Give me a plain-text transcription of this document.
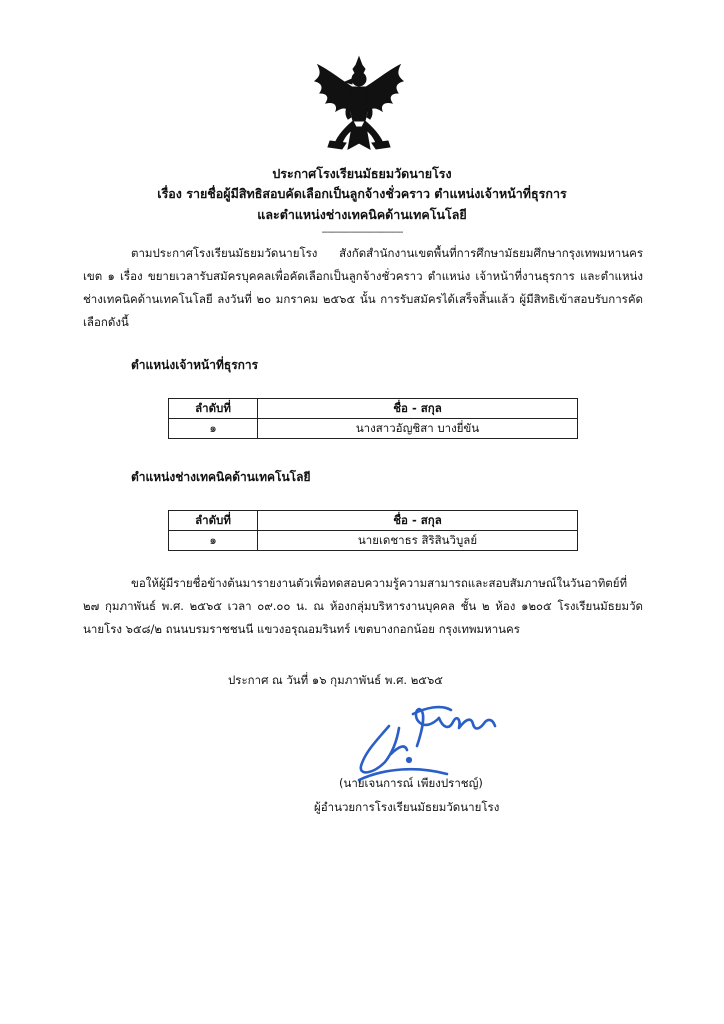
ประกาศโรงเรียนมัธยมวัดนายโรง
เรื่อง รายชื่อผู้มีสิทธิสอบคัดเลือกเป็นลูกจ้างชั่วคราว ตำแหน่งเจ้าหน้าที่ธุรการ
และตำแหน่งช่างเทคนิคด้านเทคโนโลยี
-------------------------------
ตามประกาศโรงเรียนมัธยมวัดนายโรง สังกัดสำนักงานเขตพื้นที่การศึกษามัธยมศึกษากรุงเทพมหานคร เขต ๑ เรื่อง ขยายเวลารับสมัครบุคคลเพื่อคัดเลือกเป็นลูกจ้างชั่วคราว ตำแหน่ง เจ้าหน้าที่งานธุรการ และตำแหน่ง ช่างเทคนิคด้านเทคโนโลยี ลงวันที่ ๒๐ มกราคม ๒๕๖๕ นั้น การรับสมัครได้เสร็จสิ้นแล้ว ผู้มีสิทธิเข้าสอบรับการคัดเลือกดังนี้
ตำแหน่งเจ้าหน้าที่ธุรการ
ลำดับที่	ชื่อ - สกุล
๑	นางสาวอัญชิสา บางยี่ขัน
ตำแหน่งช่างเทคนิคด้านเทคโนโลยี
ลำดับที่	ชื่อ - สกุล
๑	นายเดชาธร สิริสินวิบูลย์
ขอให้ผู้มีรายชื่อข้างต้นมารายงานตัวเพื่อทดสอบความรู้ความสามารถและสอบสัมภาษณ์ในวันอาทิตย์ที่ ๒๗ กุมภาพันธ์ พ.ศ. ๒๕๖๕ เวลา ๐๙.๐๐ น. ณ ห้องกลุ่มบริหารงานบุคคล ชั้น ๒ ห้อง ๑๒๐๕ โรงเรียนมัธยมวัดนายโรง ๖๕๘/๒ ถนนบรมราชชนนี แขวงอรุณอมรินทร์ เขตบางกอกน้อย กรุงเทพมหานคร
ประกาศ ณ วันที่ ๑๖ กุมภาพันธ์ พ.ศ. ๒๕๖๕
(นายเจนการณ์ เพียงปราชญ์)
ผู้อำนวยการโรงเรียนมัธยมวัดนายโรง
